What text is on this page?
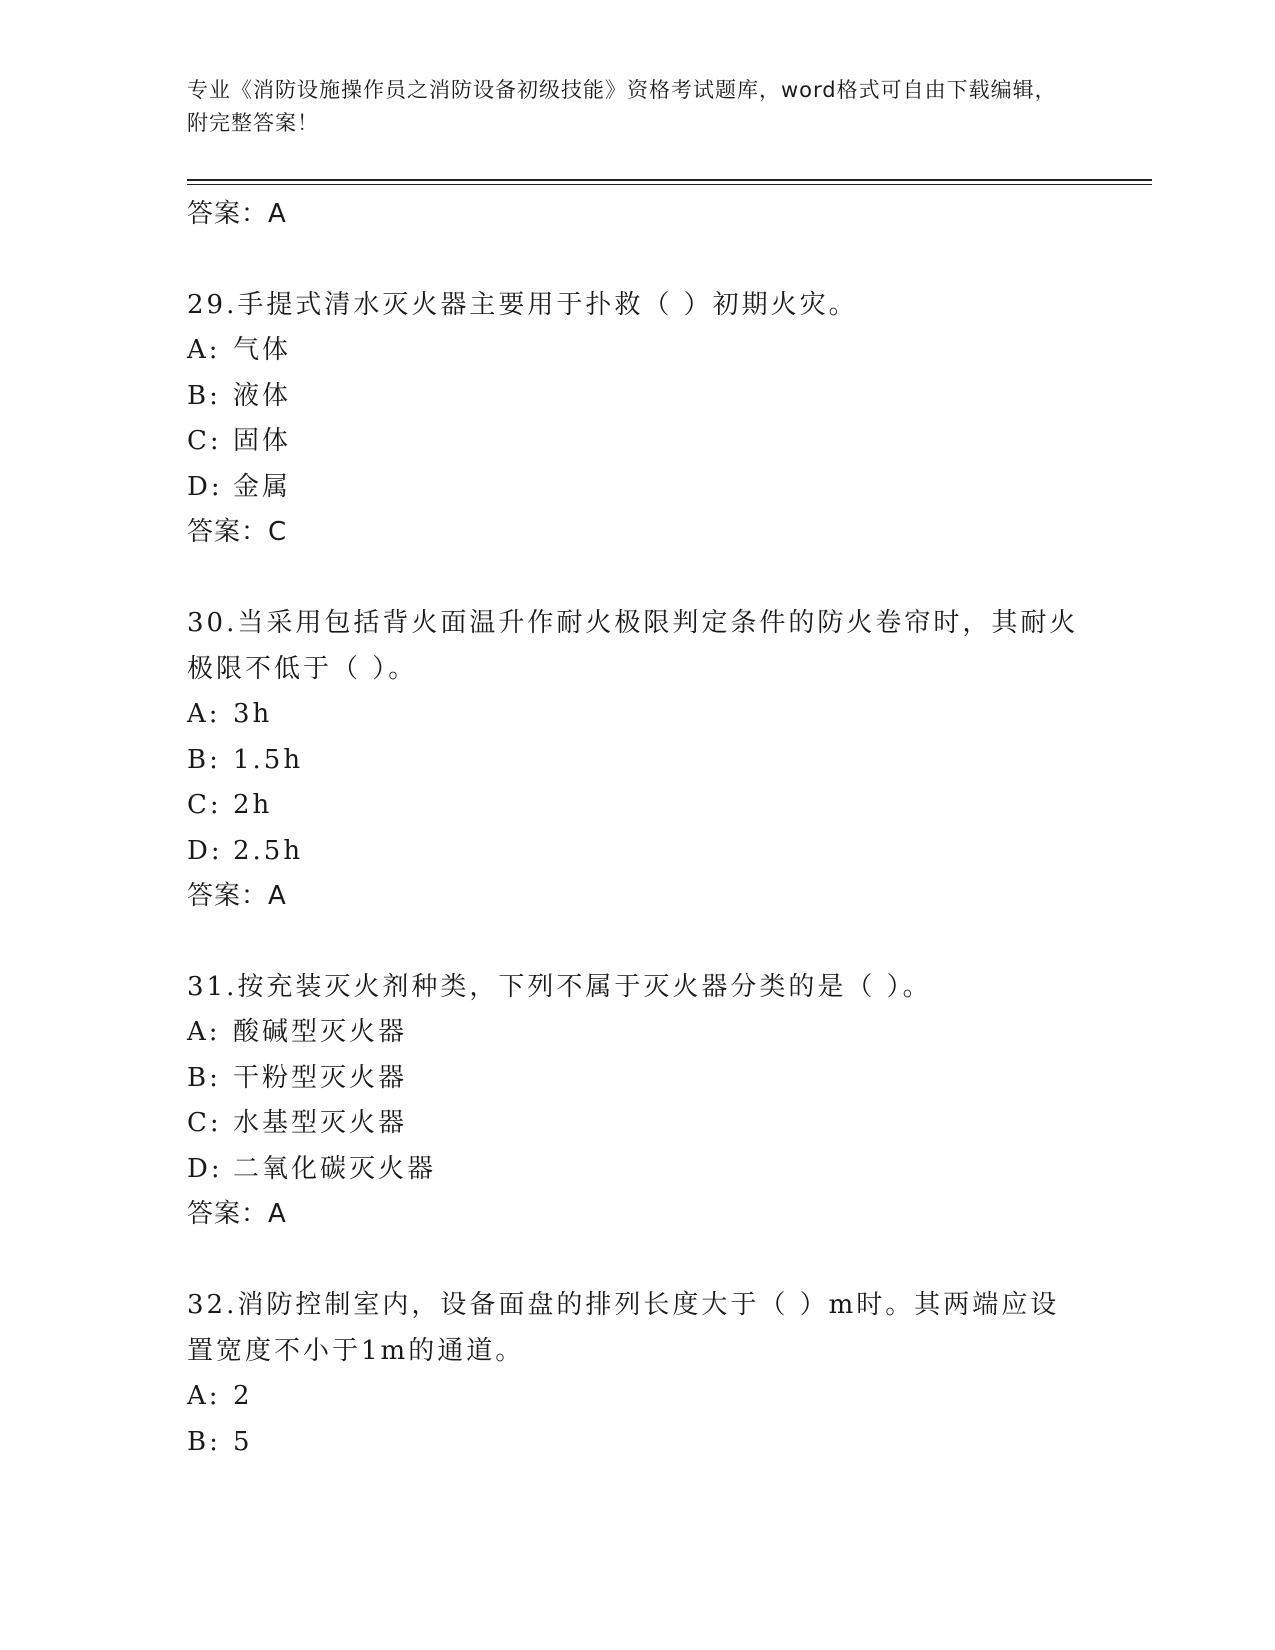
专业《消防设施操作员之消防设备初级技能》资格考试题库，word格式可自由下载编辑，附完整答案！
答案：A
29.手提式清水灭火器主要用于扑救（ ）初期火灾。
A: 气体
B: 液体
C: 固体
D: 金属
答案：C
30.当采用包括背火面温升作耐火极限判定条件的防火卷帘时，其耐火极限不低于（ ）。
A: 3h
B: 1.5h
C: 2h
D: 2.5h
答案：A
31.按充装灭火剂种类，下列不属于灭火器分类的是（ ）。
A: 酸碱型灭火器
B: 干粉型灭火器
C: 水基型灭火器
D: 二氧化碳灭火器
答案：A
32.消防控制室内，设备面盘的排列长度大于（ ）m时。其两端应设置宽度不小于1m的通道。
A: 2
B: 5
